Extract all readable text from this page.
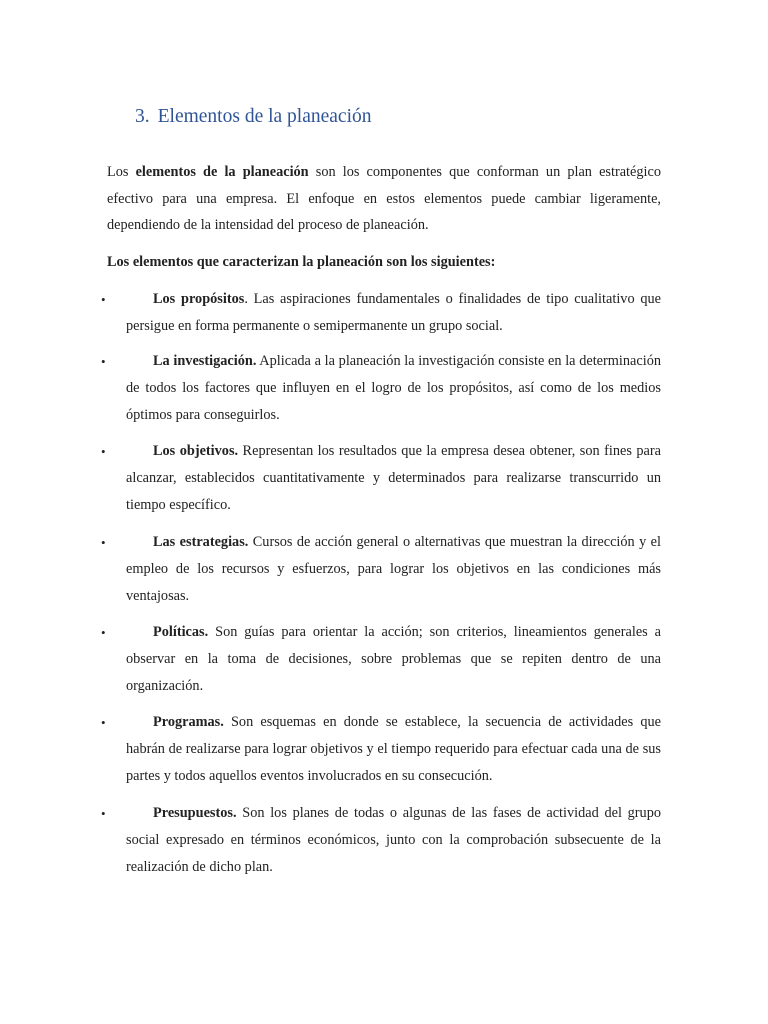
3. Elementos de la planeación

Los elementos de la planeación son los componentes que conforman un plan estratégico efectivo para una empresa. El enfoque en estos elementos puede cambiar ligeramente, dependiendo de la intensidad del proceso de planeación.

Los elementos que caracterizan la planeación son los siguientes:

•	Los propósitos. Las aspiraciones fundamentales o finalidades de tipo cualitativo que persigue en forma permanente o semipermanente un grupo social.

•	La investigación. Aplicada a la planeación la investigación consiste en la determinación de todos los factores que influyen en el logro de los propósitos, así como de los medios óptimos para conseguirlos.

•	Los objetivos. Representan los resultados que la empresa desea obtener, son fines para alcanzar, establecidos cuantitativamente y determinados para realizarse transcurrido un tiempo específico.

•	Las estrategias. Cursos de acción general o alternativas que muestran la dirección y el empleo de los recursos y esfuerzos, para lograr los objetivos en las condiciones más ventajosas.

•	Políticas. Son guías para orientar la acción; son criterios, lineamientos generales a observar en la toma de decisiones, sobre problemas que se repiten dentro de una organización.

•	Programas. Son esquemas en donde se establece, la secuencia de actividades que habrán de realizarse para lograr objetivos y el tiempo requerido para efectuar cada una de sus partes y todos aquellos eventos involucrados en su consecución.

•	Presupuestos. Son los planes de todas o algunas de las fases de actividad del grupo social expresado en términos económicos, junto con la comprobación subsecuente de la realización de dicho plan.
